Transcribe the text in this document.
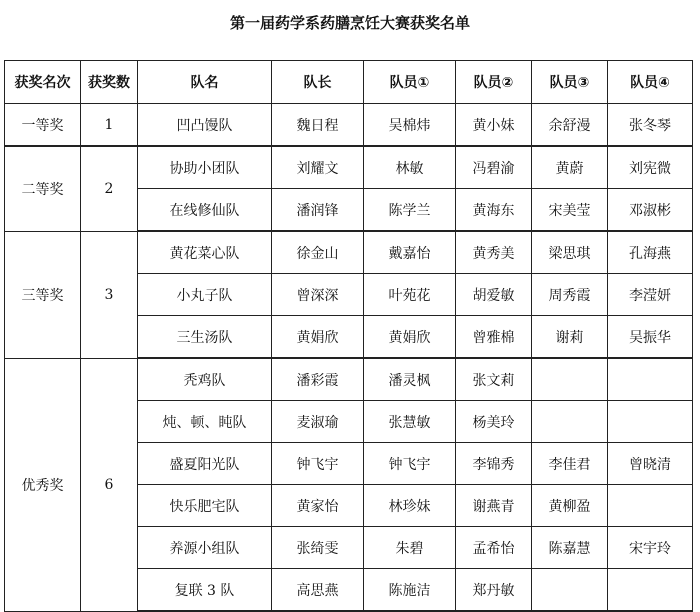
第一届药学系药膳烹饪大赛获奖名单
获奖名次	获奖数	队名	队长	队员①	队员②	队员③	队员④
一等奖	1	凹凸馒队	魏日程	吴棉炜	黄小妹	余舒漫	张冬琴
二等奖	2	协助小团队	刘耀文	林敏	冯碧渝	黄蔚	刘宪微
		在线修仙队	潘润锋	陈学兰	黄海东	宋美莹	邓淑彬
三等奖	3	黄花菜心队	徐金山	戴嘉怡	黄秀美	梁思琪	孔海燕
		小丸子队	曾深深	叶苑花	胡爱敏	周秀霞	李滢妍
		三生汤队	黄娟欣	黄娟欣	曾雅棉	谢莉	吴振华
优秀奖	6	秃鸡队	潘彩霞	潘灵枫	张文莉		
		炖、顿、盹队	麦淑瑜	张慧敏	杨美玲		
		盛夏阳光队	钟飞宇	钟飞宇	李锦秀	李佳君	曾晓清
		快乐肥宅队	黄家怡	林珍妹	谢燕青	黄柳盈	
		养源小组队	张绮雯	朱碧	孟希怡	陈嘉慧	宋宇玲
		复联 3 队	高思燕	陈施洁	郑丹敏		
